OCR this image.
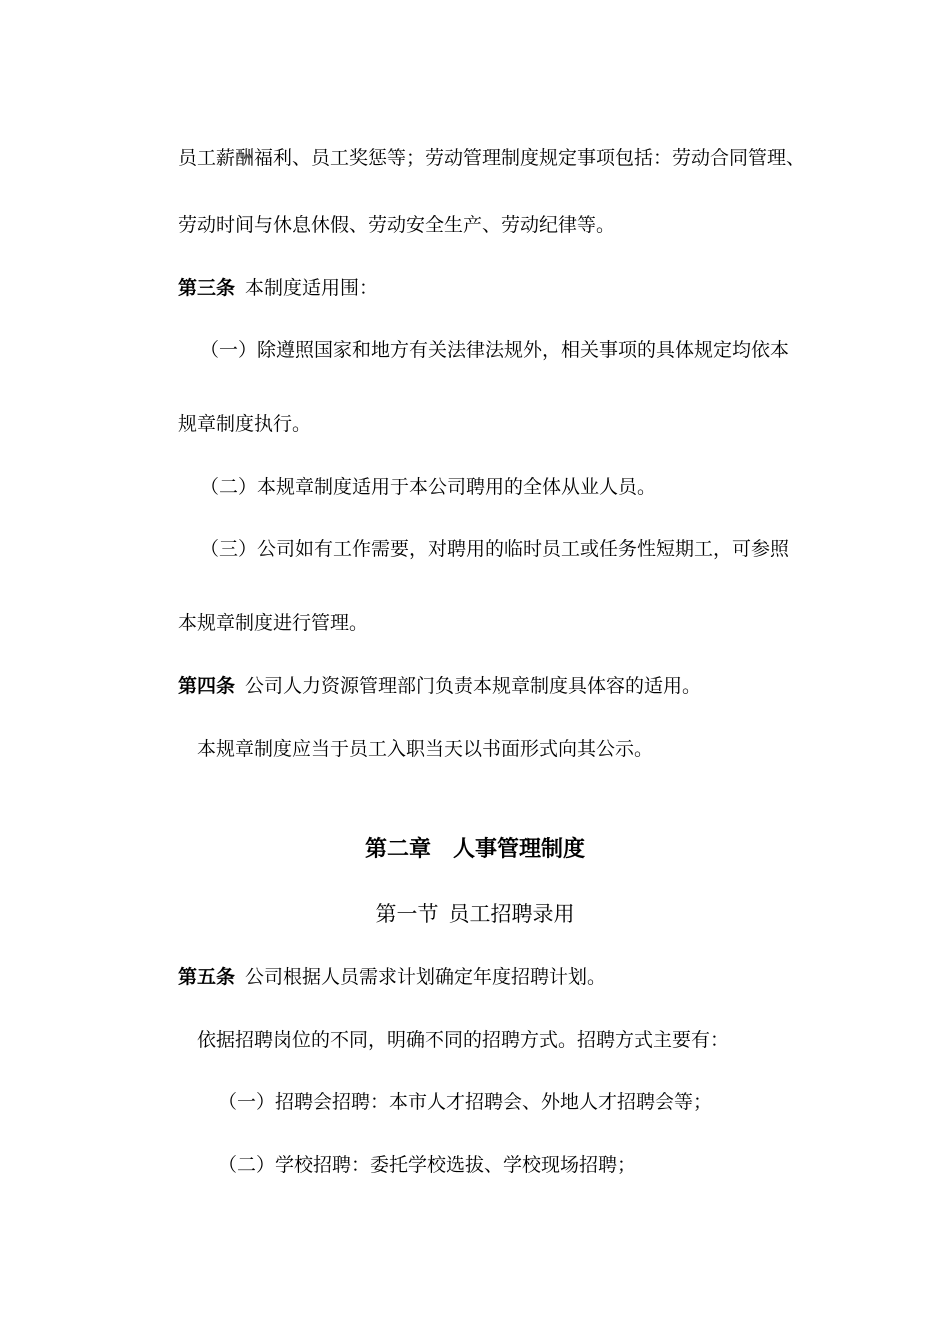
员工薪酬福利、员工奖惩等；劳动管理制度规定事项包括：劳动合同管理、
劳动时间与休息休假、劳动安全生产、劳动纪律等。
第三条 本制度适用围：
（一）除遵照国家和地方有关法律法规外，相关事项的具体规定均依本
规章制度执行。
（二）本规章制度适用于本公司聘用的全体从业人员。
（三）公司如有工作需要，对聘用的临时员工或任务性短期工，可参照
本规章制度进行管理。
第四条 公司人力资源管理部门负责本规章制度具体容的适用。
本规章制度应当于员工入职当天以书面形式向其公示。
第二章 人事管理制度
第一节 员工招聘录用
第五条 公司根据人员需求计划确定年度招聘计划。
依据招聘岗位的不同，明确不同的招聘方式。招聘方式主要有：
（一）招聘会招聘：本市人才招聘会、外地人才招聘会等；
（二）学校招聘：委托学校选拔、学校现场招聘；
